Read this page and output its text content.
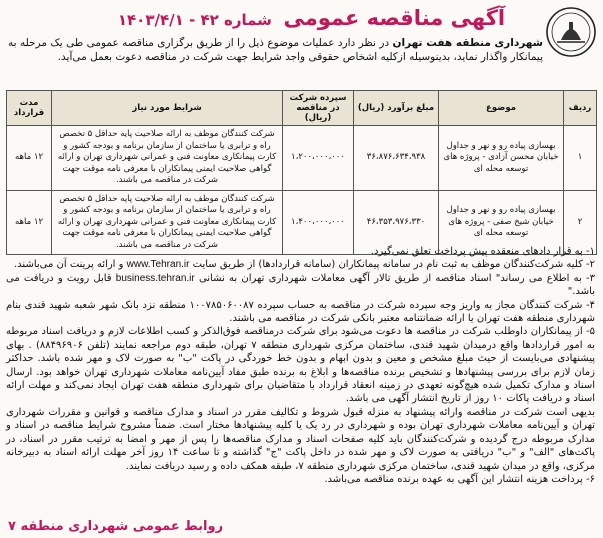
آگهی مناقصه عمومی شماره ۴۲ - ۱۴۰۳/۴/۱
شهرداری منطقه هفت تهران در نظر دارد عملیات موضوع ذیل را از طریق برگزاری مناقصه عمومی طی یک مرحله به پیمانکار واگذار نماید، بدینوسیله ازکلیه اشخاص حقوقی واجد شرایط جهت شرکت در مناقصه دعوت بعمل می‌آید.
ردیف	موضوع	مبلغ برآورد (ریال)	سپرده شرکت در مناقصه (ریال)	شرایط مورد نیاز	مدت قرارداد
۱	بهسازی پیاده رو و نهر و جداول خیابان محسن آزادی - پروژه های توسعه محله ای	۳۶،۸۷۶،۶۳۴،۹۳۸	۱،۲۰۰،۰۰۰،۰۰۰	شرکت کنندگان موظف به ارائه صلاحیت پایه حداقل ۵ تخصص راه و ترابری یا ساختمان از سازمان برنامه و بودجه کشور و کارت پیمانکاری معاونت فنی و عمرانی شهرداری تهران و ارائه گواهی صلاحیت ایمنی پیمانکاران با معرفی نامه موقت جهت شرکت در مناقصه می باشند.	۱۲ ماهه
۲	بهسازی پیاده رو و نهر و جداول خیابان شیخ صفی - پروژه های توسعه محله ای	۴۶،۳۵۳،۹۷۶،۳۳۰	۱،۴۰۰،۰۰۰،۰۰۰	شرکت کنندگان موظف به ارائه صلاحیت پایه حداقل ۵ تخصص راه و ترابری یا ساختمان از سازمان برنامه و بودجه کشور و کارت پیمانکاری معاونت فنی و عمرانی شهرداری تهران و ارائه گواهی صلاحیت ایمنی پیمانکاران با معرفی نامه موقت جهت شرکت در مناقصه می باشند.	۱۲ ماهه

۱- به قرار دادهای منعقده پیش پرداخت تعلق نمی‌گیرد.

۲- کلیه شرکت‌کنندگان موظف به ثبت نام در سامانه پیمانکاران (سامانه قراردادها) از طریق سایت www.Tehran.ir و ارائه پرینت آن می‌باشند.

۳- به اطلاع می رساند" اسناد مناقصه از طریق تالار آگهی معاملات شهرداری تهران به نشانی business.tehran.ir قابل رویت و دریافت می باشد."

۴- شرکت کنندگان مجاز به واریز وجه سپرده شرکت در مناقصه به حساب سپرده ۱۰۰۷۸۵۰۶۰۰۸۷ منطقه نزد بانک شهر شعبه شهید قندی بنام شهرداری منطقه هفت تهران یا ارائه ضمانتنامه معتبر بانکی شرکت در مناقصه می باشند.

۵- از پیمانکاران داوطلب شرکت در مناقصه ها دعوت می‌شود برای شرکت درمناقصه فوق‌الذکر و کسب اطلاعات لازم و دریافت اسناد مربوطه به امور قراردادها واقع درمیدان شهید قندی، ساختمان مرکزی شهرداری منطقه ۷ تهران، طبقه دوم مراجعه نمایند (تلفن ۸۸۴۹۶۹۰۶) . بهای پیشنهادی می‌بایست از حیث مبلغ مشخص و معین و بدون ابهام و بدون خط خوردگی در پاکت "ب" به صورت لاک و مهر شده باشد. حداکثر زمان لازم برای بررسی پیشنهادها و تشخیص برنده مناقصه‌ها و ابلاغ به برنده طبق مفاد آیین‌نامه معاملات شهرداری تهران خواهد بود. ارسال اسناد و مدارک تکمیل شده هیچ‌گونه تعهدی در زمینه انعقاد قرارداد با متقاضیان برای شهرداری منطقه هفت تهران ایجاد نمی‌کند و مهلت ارائه اسناد و دریافت پاکات ۱۰ روز از تاریخ انتشار آگهی می باشد.

بدیهی است شرکت در مناقصه وارائه پیشنهاد به منزله قبول شروط و تکالیف مقرر در اسناد و مدارک مناقصه و قوانین و مقررات شهرداری تهران و آیین‌نامه معاملات شهرداری تهران بوده و شهرداری در رد یک یا کلیه پیشنهادها مختار است. ضمناً مشروح شرایط مناقصه در اسناد و مدارک مربوطه درج گردیده و شرکت‌کنندگان باید کلیه صفحات اسناد و مدارک مناقصه‌ها را پس از مهر و امضا به ترتیب مقرر در اسناد، در پاکت‌های "الف" و "ب" دریافتی به صورت لاک و مهر شده در داخل پاکت "ج" گذاشته و تا ساعت ۱۴ روز آخر مهلت ارائه اسناد به دبیرخانه مرکزی، واقع در میدان شهید قندی، ساختمان مرکزی شهرداری منطقه ۷، طبقه همکف داده و رسید دریافت نمایند.

۶- پرداخت هزینه انتشار این آگهی به عهده برنده مناقصه می‌باشد.

روابط عمومی شهرداری منطقه ۷
